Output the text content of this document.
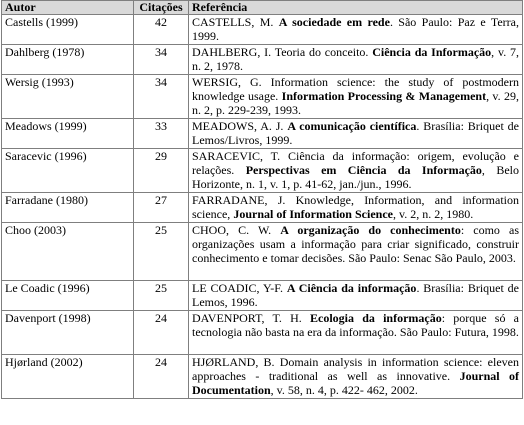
Autor	Citações	Referência
Castells (1999)	42	CASTELLS, M. A sociedade em rede. São Paulo: Paz e Terra, 1999.
Dahlberg (1978)	34	DAHLBERG, I. Teoria do conceito. Ciência da Informação, v. 7, n. 2, 1978.
Wersig (1993)	34	WERSIG, G. Information science: the study of postmodern knowledge usage. Information Processing & Management, v. 29, n. 2, p. 229-239, 1993.
Meadows (1999)	33	MEADOWS, A. J. A comunicação científica. Brasília: Briquet de Lemos/Livros, 1999.
Saracevic (1996)	29	SARACEVIC, T. Ciência da informação: origem, evolução e relações. Perspectivas em Ciência da Informação, Belo Horizonte, n. 1, v. 1, p. 41-62, jan./jun., 1996.
Farradane (1980)	27	FARRADANE, J. Knowledge, Information, and information science, Journal of Information Science, v. 2, n. 2, 1980.
Choo (2003)	25	CHOO, C. W. A organização do conhecimento: como as organizações usam a informação para criar significado, construir conhecimento e tomar decisões. São Paulo: Senac São Paulo, 2003.
Le Coadic (1996)	25	LE COADIC, Y-F. A Ciência da informação. Brasília: Briquet de Lemos, 1996.
Davenport (1998)	24	DAVENPORT, T. H. Ecologia da informação: porque só a tecnologia não basta na era da informação. São Paulo: Futura, 1998.
Hjørland (2002)	24	HJØRLAND, B. Domain analysis in information science: eleven approaches - traditional as well as innovative. Journal of Documentation, v. 58, n. 4, p. 422- 462, 2002.
